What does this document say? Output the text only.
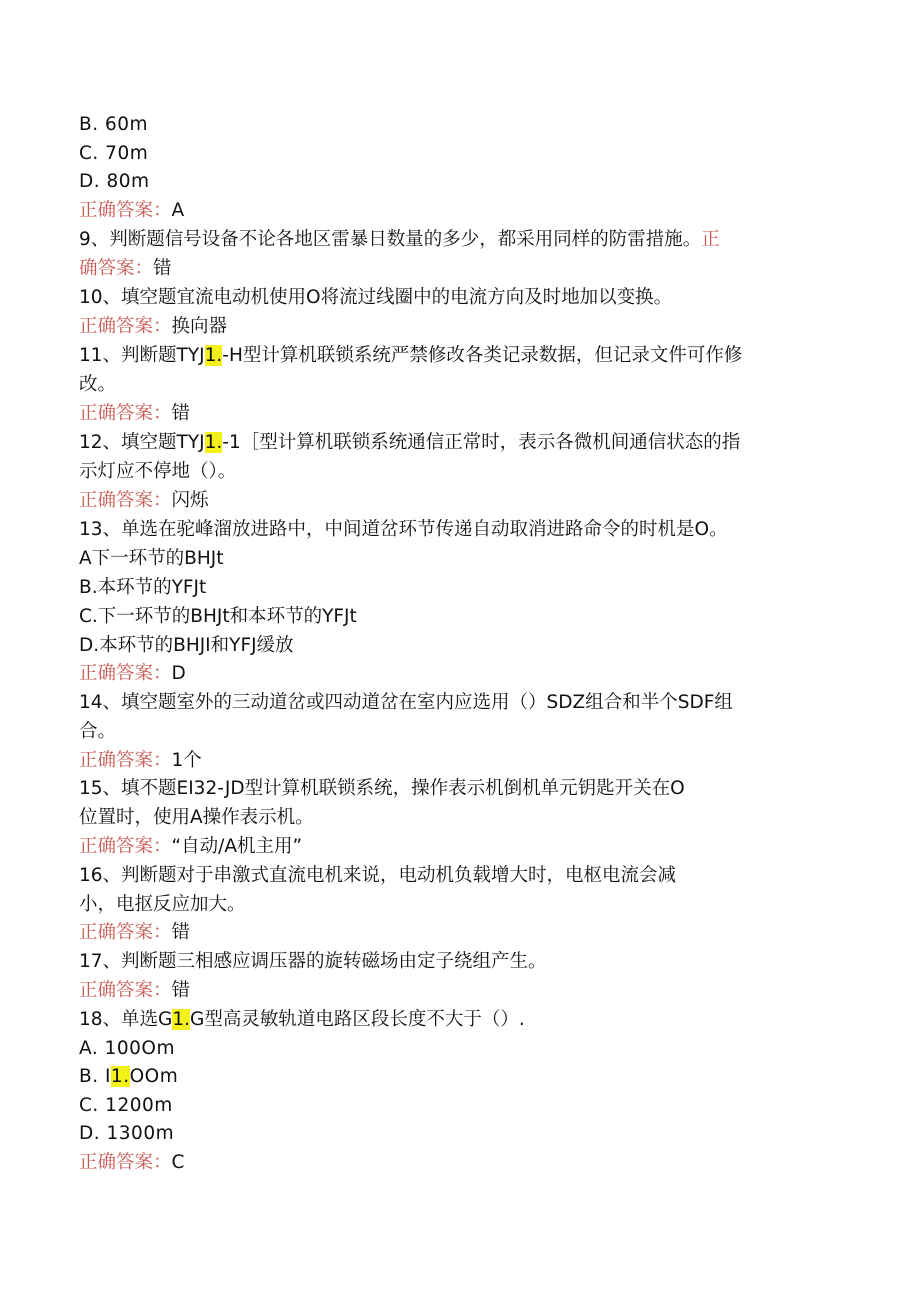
B. 60m
C. 70m
D. 80m
正确答案：A
9、判断题信号设备不论各地区雷暴日数量的多少，都采用同样的防雷措施。正
确答案：错
10、填空题宜流电动机使用O将流过线圈中的电流方向及时地加以变换。
正确答案：换向器
11、判断题TYJ1.-H型计算机联锁系统严禁修改各类记录数据，但记录文件可作修
改。
正确答案：错
12、填空题TYJ1.-1［型计算机联锁系统通信正常时，表示各微机间通信状态的指
示灯应不停地（）。
正确答案：闪烁
13、单选在驼峰溜放进路中，中间道岔环节传递自动取消进路命令的时机是O。
A下一环节的BHJt
B.本环节的YFJt
C.下一环节的BHJt和本环节的YFJt
D.本环节的BHJI和YFJ缓放
正确答案：D
14、填空题室外的三动道岔或四动道岔在室内应选用（）SDZ组合和半个SDF组
合。
正确答案：1个
15、填不题EI32-JD型计算机联锁系统，操作表示机倒机单元钥匙开关在O
位置时，使用A操作表示机。
正确答案：“自动/A机主用”
16、判断题对于串激式直流电机来说，电动机负载增大时，电枢电流会减
小，电抠反应加大。
正确答案：错
17、判断题三相感应调压器的旋转磁场由定子绕组产生。
正确答案：错
18、单选G1.G型高灵敏轨道电路区段长度不大于（）.
A. 100Om
B. I1.OOm
C. 1200m
D. 1300m
正确答案：C
